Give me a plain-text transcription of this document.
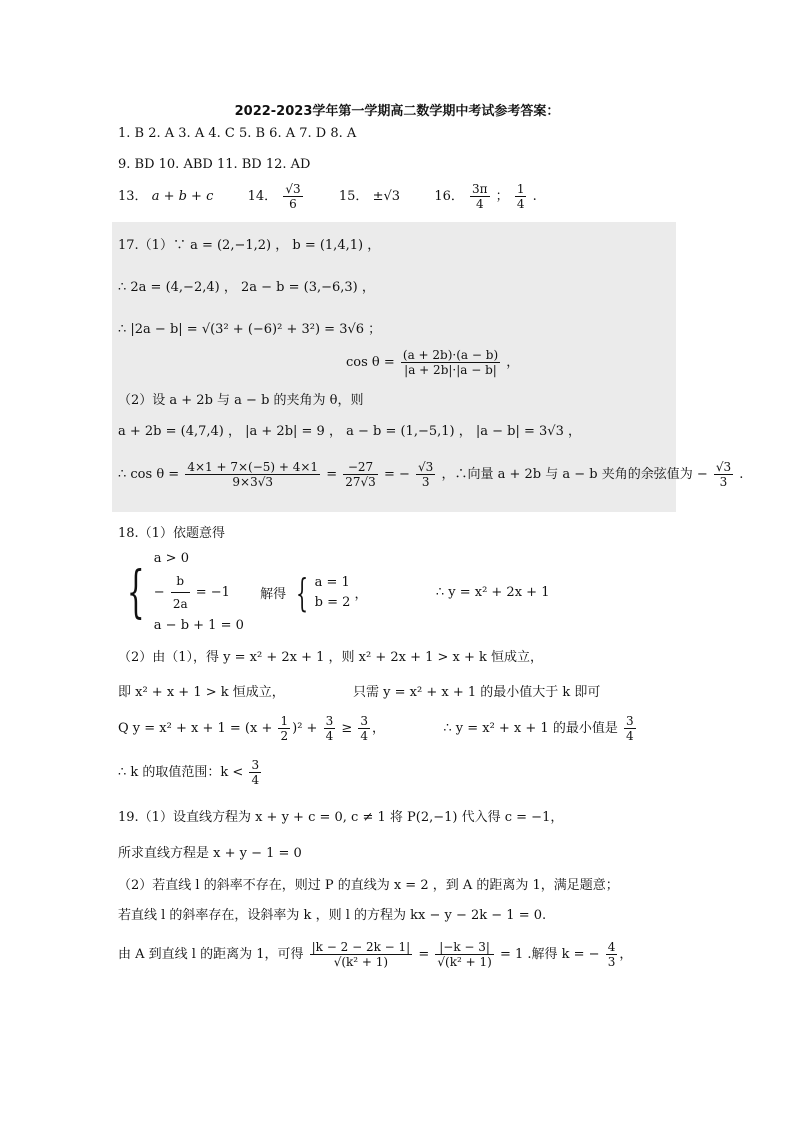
2022-2023学年第一学期高二数学期中考试参考答案：
1. B 2. A 3. A 4. C 5. B 6. A 7. D 8. A
9. BD 10. ABD 11. BD 12. AD
13． a + b + c	14． $\frac{√3}{6}$	15． ±√3	16． $\frac{3\pi}{4}$ ； $\frac{1}{4}$ .
17.（1）∵ a = (2,−1,2) ， b = (1,4,1) ，
∴ 2a = (4,−2,4) ， 2a − b = (3,−6,3) ，
∴ |2a − b| = √(3² + (−6)² + 3²) = 3√6 ；
$\cos \theta = \frac{(a + 2b)\cdot(a - b)}{|a + 2b|\cdot|a - b|}$ ，
（2）设 a + 2b 与 a − b 的夹角为 θ，则
a + 2b = (4,7,4) ， |a + 2b| = 9 ， a − b = (1,−5,1) ， |a − b| = 3√3 ，
∴ $\cos \theta = \frac{4\times 1 + 7\times(-5) + 4\times 1}{9\times 3√3} = \frac{-27}{27√3}$ = − $\frac{√3}{3}$ ，∴向量 a + 2b 与 a − b 夹角的余弦值为 − $\frac{√3}{3}$ .
18.（1）依题意得
{ a > 0
− $\frac{b}{2a} = -1$
a − b + 1 = 0  解得 { a = 1
b = 2 ，	∴ y = x² + 2x + 1
（2）由（1），得 y = x² + 2x + 1 ，则 x² + 2x + 1 > x + k 恒成立，
即 x² + x + 1 > k 恒成立，	只需 y = x² + x + 1 的最小值大于 k 即可
Q $y = x^2 + x + 1 = (x + \frac{1}{2} )^2 + \frac{3}{4} \ge \frac{3}{4}$ ，	∴ y = x² + x + 1 的最小值是 $\frac{3}{4}$
∴ k 的取值范围：$k < \frac{3}{4}$
19.（1）设直线方程为 x + y + c = 0, c ≠ 1 将 P(2,−1) 代入得 c = −1，
所求直线方程是 x + y − 1 = 0
（2）若直线 l 的斜率不存在，则过 P 的直线为 x = 2 ，到 A 的距离为 1，满足题意；
若直线 l 的斜率存在，设斜率为 k ，则 l 的方程为 kx − y − 2k − 1 = 0.
由 A 到直线 l 的距离为 1，可得 $\frac{|k - 2 - 2k - 1|}{\text{√(k² + 1)}} = \frac{|-k - 3|}{\text{√(k² + 1)}} = 1$ .解得 k = − $\frac{4}{3}$ ，
